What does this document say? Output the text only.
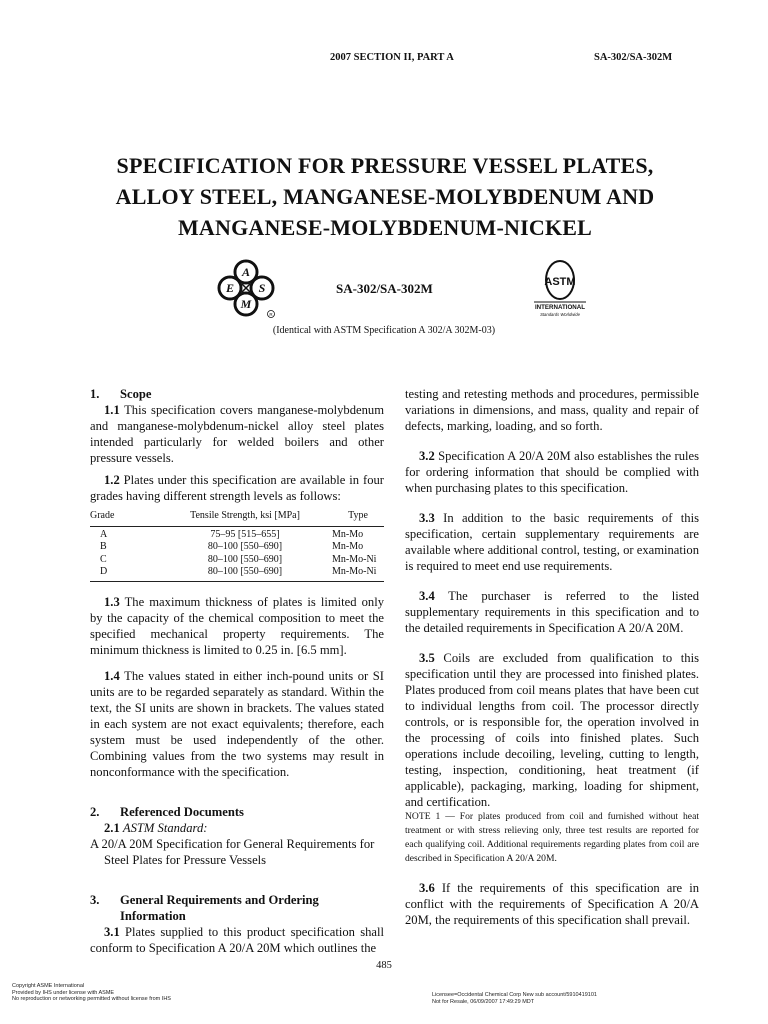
2007 SECTION II, PART A	SA-302/SA-302M
SPECIFICATION FOR PRESSURE VESSEL PLATES,
ALLOY STEEL, MANGANESE-MOLYBDENUM AND
MANGANESE-MOLYBDENUM-NICKEL
A
S
M
E
R
SA-302/SA-302M	ASTM
INTERNATIONAL
Standards Worldwide
(Identical with ASTM Specification A 302/A 302M-03)

1. Scope

1.1 This specification covers manganese-molybdenum and manganese-molybdenum-nickel alloy steel plates intended particularly for welded boilers and other pressure vessels.

1.2 Plates under this specification are available in four grades having different strength levels as follows:

Grade	Tensile Strength, ksi [MPa]	Type
A	75–95 [515–655]	Mn-Mo
B	80–100 [550–690]	Mn-Mo
C	80–100 [550–690]	Mn-Mo-Ni
D	80–100 [550–690]	Mn-Mo-Ni

1.3 The maximum thickness of plates is limited only by the capacity of the chemical composition to meet the specified mechanical property requirements. The minimum thickness is limited to 0.25 in. [6.5 mm].

1.4 The values stated in either inch-pound units or SI units are to be regarded separately as standard. Within the text, the SI units are shown in brackets. The values stated in each system are not exact equivalents; therefore, each system must be used independently of the other. Combining values from the two systems may result in nonconformance with the specification.

2. Referenced Documents

2.1 ASTM Standard:

A 20/A 20M Specification for General Requirements for Steel Plates for Pressure Vessels

3. General Requirements and Ordering
Information

3.1 Plates supplied to this product specification shall conform to Specification A 20/A 20M which outlines the

testing and retesting methods and procedures, permissible variations in dimensions, and mass, quality and repair of defects, marking, loading, and so forth.

3.2 Specification A 20/A 20M also establishes the rules for ordering information that should be complied with when purchasing plates to this specification.

3.3 In addition to the basic requirements of this specification, certain supplementary requirements are available where additional control, testing, or examination is required to meet end use requirements.

3.4 The purchaser is referred to the listed supplementary requirements in this specification and to the detailed requirements in Specification A 20/A 20M.

3.5 Coils are excluded from qualification to this specification until they are processed into finished plates. Plates produced from coil means plates that have been cut to individual lengths from coil. The processor directly controls, or is responsible for, the operation involved in the processing of coils into finished plates. Such operations include decoiling, leveling, cutting to length, testing, inspection, conditioning, heat treatment (if applicable), packaging, marking, loading for shipment, and certification.

NOTE 1 — For plates produced from coil and furnished without heat treatment or with stress relieving only, three test results are reported for each qualifying coil. Additional requirements regarding plates from coil are described in Specification A 20/A 20M.

3.6 If the requirements of this specification are in conflict with the requirements of Specification A 20/A 20M, the requirements of this specification shall prevail.

485
Copyright ASME International
Provided by IHS under license with ASME
No reproduction or networking permitted without license from IHS
Licensee=Occidental Chemical Corp New sub account/5910419101
Not for Resale, 06/09/2007 17:49:29 MDT
